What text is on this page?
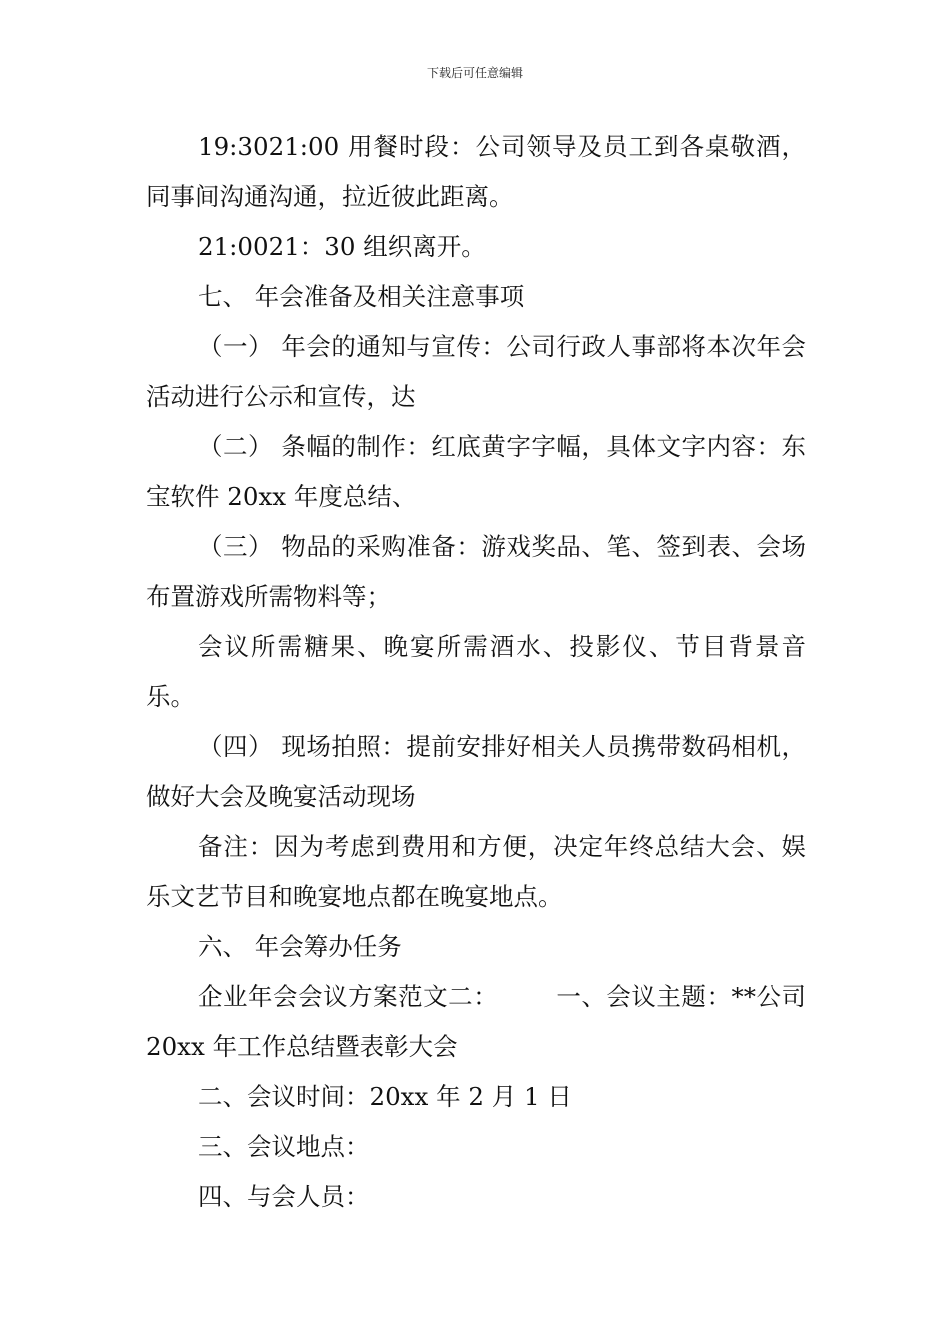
下载后可任意编辑

19:3021:00 用餐时段：公司领导及员工到各桌敬酒，同事间沟通沟通，拉近彼此距离。

21:0021：30 组织离开。

七、 年会准备及相关注意事项

（一） 年会的通知与宣传：公司行政人事部将本次年会活动进行公示和宣传，达

（二） 条幅的制作：红底黄字字幅，具体文字内容：东宝软件 20xx 年度总结、

（三） 物品的采购准备：游戏奖品、笔、签到表、会场布置游戏所需物料等；

会议所需糖果、晚宴所需酒水、投影仪、节目背景音乐。

（四） 现场拍照：提前安排好相关人员携带数码相机，做好大会及晚宴活动现场

备注：因为考虑到费用和方便，决定年终总结大会、娱乐文艺节目和晚宴地点都在晚宴地点。

六、 年会筹办任务

企业年会会议方案范文二：       一、会议主题：**公司 20xx 年工作总结暨表彰大会

二、会议时间：20xx 年 2 月 1 日

三、会议地点：

四、与会人员：
